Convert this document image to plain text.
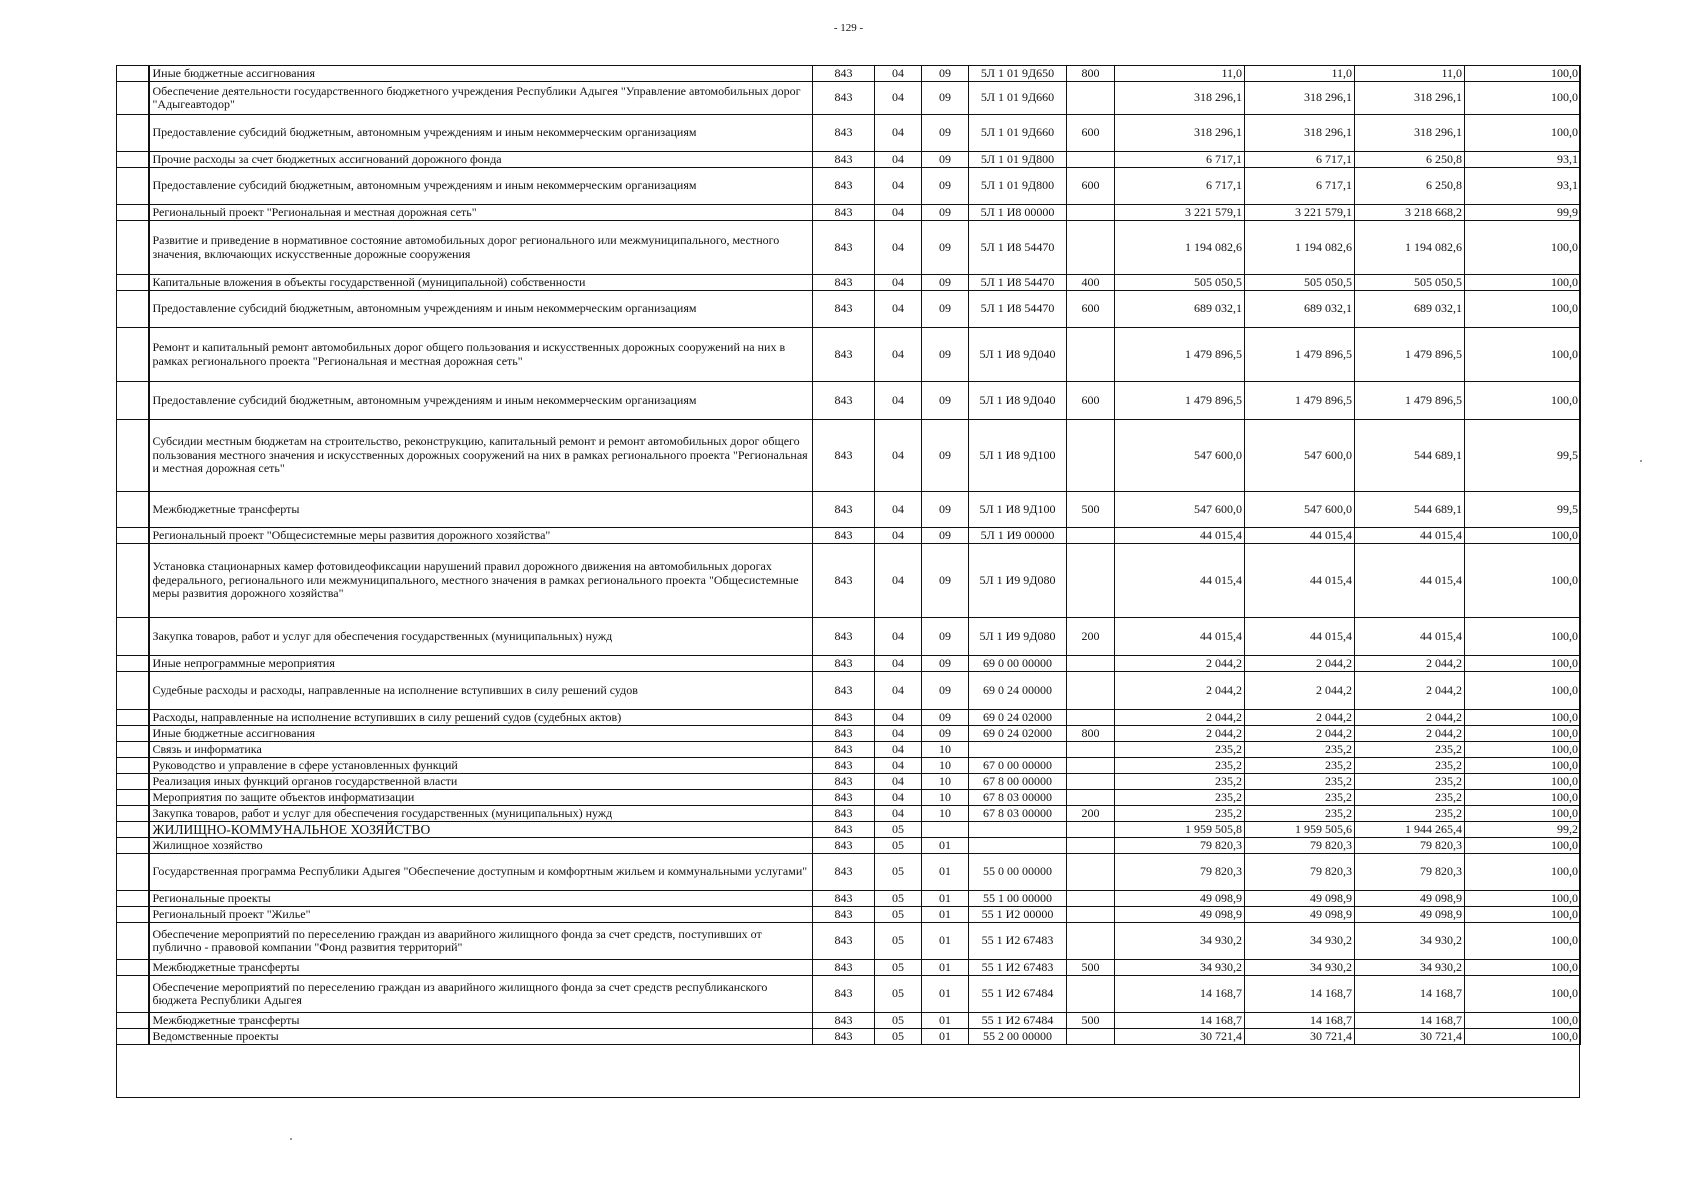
- 129 -
	Иные бюджетные ассигнования	843	04	09	5Л 1 01 9Д650	800	11,0	11,0	11,0	100,0
	Обеспечение деятельности государственного бюджетного учреждения Республики Адыгея "Управление автомобильных дорог "Адыгеавтодор"	843	04	09	5Л 1 01 9Д660		318 296,1	318 296,1	318 296,1	100,0
	Предоставление субсидий бюджетным, автономным учреждениям и иным некоммерческим организациям	843	04	09	5Л 1 01 9Д660	600	318 296,1	318 296,1	318 296,1	100,0
	Прочие расходы за счет бюджетных ассигнований дорожного фонда	843	04	09	5Л 1 01 9Д800		6 717,1	6 717,1	6 250,8	93,1
	Предоставление субсидий бюджетным, автономным учреждениям и иным некоммерческим организациям	843	04	09	5Л 1 01 9Д800	600	6 717,1	6 717,1	6 250,8	93,1
	Региональный проект "Региональная и местная дорожная сеть"	843	04	09	5Л 1 И8 00000		3 221 579,1	3 221 579,1	3 218 668,2	99,9
	Развитие и приведение в нормативное состояние автомобильных дорог регионального или межмуниципального, местного значения, включающих искусственные дорожные сооружения	843	04	09	5Л 1 И8 54470		1 194 082,6	1 194 082,6	1 194 082,6	100,0
	Капитальные вложения в объекты государственной (муниципальной) собственности	843	04	09	5Л 1 И8 54470	400	505 050,5	505 050,5	505 050,5	100,0
	Предоставление субсидий бюджетным, автономным учреждениям и иным некоммерческим организациям	843	04	09	5Л 1 И8 54470	600	689 032,1	689 032,1	689 032,1	100,0
	Ремонт и капитальный ремонт автомобильных дорог общего пользования и искусственных дорожных сооружений на них в рамках регионального проекта "Региональная и местная дорожная сеть"	843	04	09	5Л 1 И8 9Д040		1 479 896,5	1 479 896,5	1 479 896,5	100,0
	Предоставление субсидий бюджетным, автономным учреждениям и иным некоммерческим организациям	843	04	09	5Л 1 И8 9Д040	600	1 479 896,5	1 479 896,5	1 479 896,5	100,0
	Субсидии местным бюджетам на строительство, реконструкцию, капитальный ремонт и ремонт автомобильных дорог общего пользования местного значения и искусственных дорожных сооружений на них в рамках регионального проекта "Региональная и местная дорожная сеть"	843	04	09	5Л 1 И8 9Д100		547 600,0	547 600,0	544 689,1	99,5
	Межбюджетные трансферты	843	04	09	5Л 1 И8 9Д100	500	547 600,0	547 600,0	544 689,1	99,5
	Региональный проект "Общесистемные меры развития дорожного хозяйства"	843	04	09	5Л 1 И9 00000		44 015,4	44 015,4	44 015,4	100,0
	Установка стационарных камер фотовидеофиксации нарушений правил дорожного движения на автомобильных дорогах федерального, регионального или межмуниципального, местного значения в рамках регионального проекта "Общесистемные меры развития дорожного хозяйства"	843	04	09	5Л 1 И9 9Д080		44 015,4	44 015,4	44 015,4	100,0
	Закупка товаров, работ и услуг для обеспечения государственных (муниципальных) нужд	843	04	09	5Л 1 И9 9Д080	200	44 015,4	44 015,4	44 015,4	100,0
	Иные непрограммные мероприятия	843	04	09	69 0 00 00000		2 044,2	2 044,2	2 044,2	100,0
	Судебные расходы и расходы, направленные на исполнение вступивших в силу решений судов	843	04	09	69 0 24 00000		2 044,2	2 044,2	2 044,2	100,0
	Расходы, направленные на исполнение вступивших в силу решений судов (судебных актов)	843	04	09	69 0 24 02000		2 044,2	2 044,2	2 044,2	100,0
	Иные бюджетные ассигнования	843	04	09	69 0 24 02000	800	2 044,2	2 044,2	2 044,2	100,0
	Связь и информатика	843	04	10			235,2	235,2	235,2	100,0
	Руководство и управление в сфере установленных функций	843	04	10	67 0 00 00000		235,2	235,2	235,2	100,0
	Реализация иных функций органов государственной власти	843	04	10	67 8 00 00000		235,2	235,2	235,2	100,0
	Мероприятия по защите объектов информатизации	843	04	10	67 8 03 00000		235,2	235,2	235,2	100,0
	Закупка товаров, работ и услуг для обеспечения государственных (муниципальных) нужд	843	04	10	67 8 03 00000	200	235,2	235,2	235,2	100,0
	ЖИЛИЩНО-КОММУНАЛЬНОЕ ХОЗЯЙСТВО	843	05				1 959 505,8	1 959 505,6	1 944 265,4	99,2
	Жилищное хозяйство	843	05	01			79 820,3	79 820,3	79 820,3	100,0
	Государственная программа Республики Адыгея "Обеспечение доступным и комфортным жильем и коммунальными услугами"	843	05	01	55 0 00 00000		79 820,3	79 820,3	79 820,3	100,0
	Региональные проекты	843	05	01	55 1 00 00000		49 098,9	49 098,9	49 098,9	100,0
	Региональный проект "Жилье"	843	05	01	55 1 И2 00000		49 098,9	49 098,9	49 098,9	100,0
	Обеспечение мероприятий по переселению граждан из аварийного жилищного фонда за счет средств, поступивших от публично - правовой компании "Фонд развития территорий"	843	05	01	55 1 И2 67483		34 930,2	34 930,2	34 930,2	100,0
	Межбюджетные трансферты	843	05	01	55 1 И2 67483	500	34 930,2	34 930,2	34 930,2	100,0
	Обеспечение мероприятий по переселению граждан из аварийного жилищного фонда за счет средств республиканского бюджета Республики Адыгея	843	05	01	55 1 И2 67484		14 168,7	14 168,7	14 168,7	100,0
	Межбюджетные трансферты	843	05	01	55 1 И2 67484	500	14 168,7	14 168,7	14 168,7	100,0
	Ведомственные проекты	843	05	01	55 2 00 00000		30 721,4	30 721,4	30 721,4	100,0
